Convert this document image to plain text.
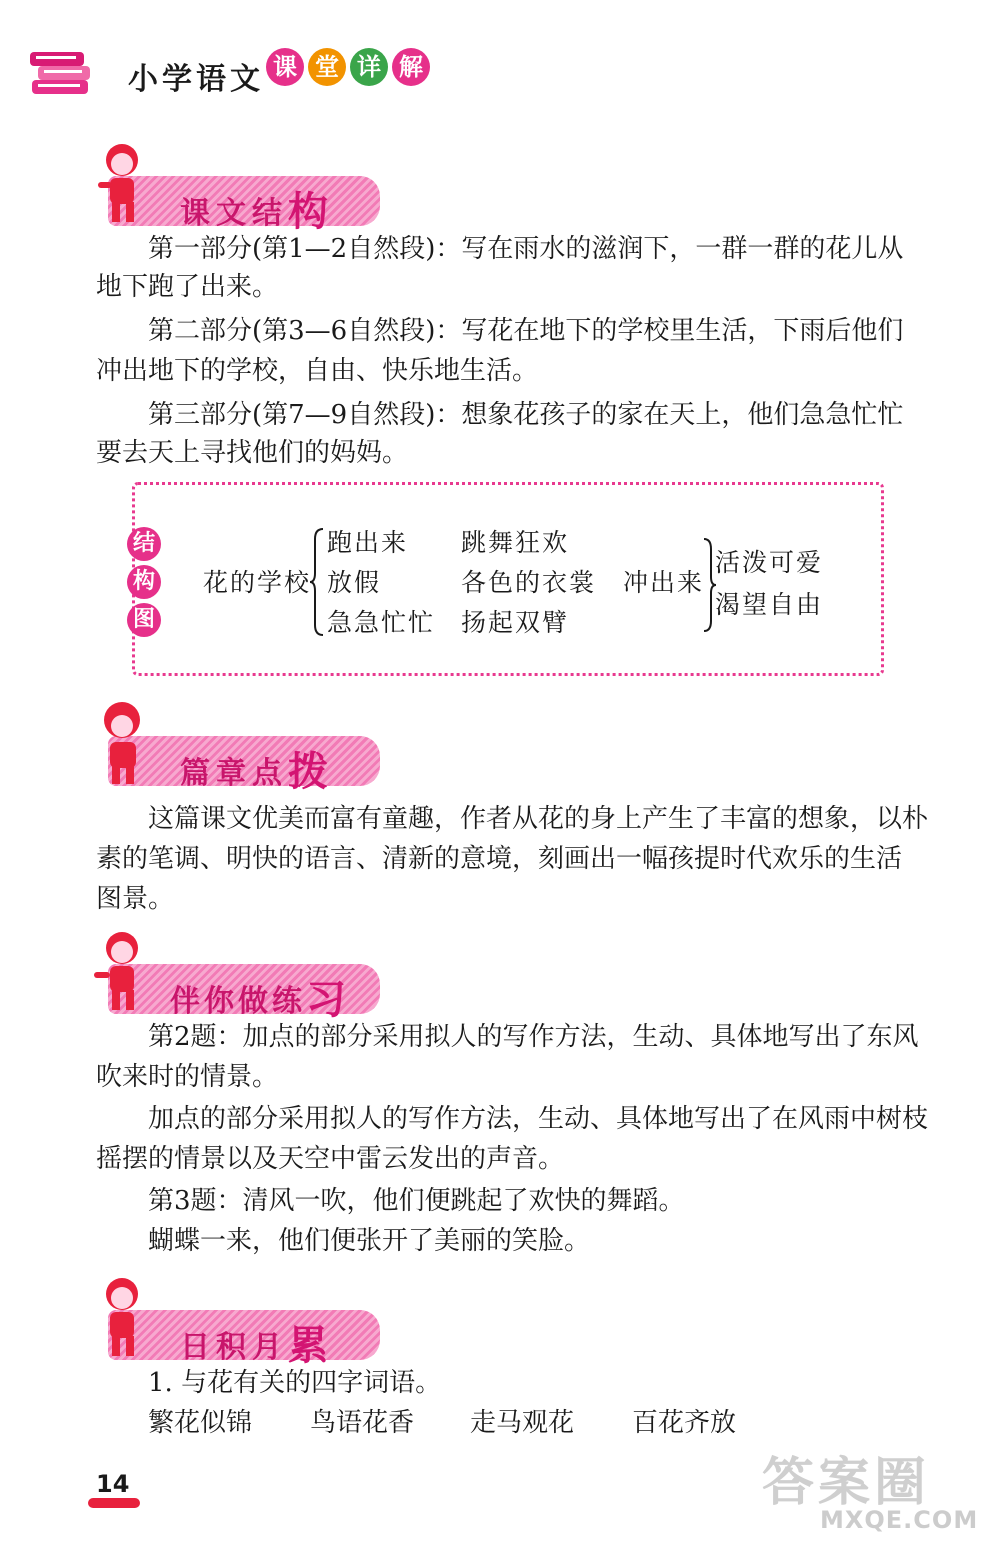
小学语文 课 堂 详 解
课文结构

第一部分(第1—2自然段)：写在雨水的滋润下，一群一群的花儿从

地下跑了出来。

第二部分(第3—6自然段)：写花在地下的学校里生活，下雨后他们

冲出地下的学校，自由、快乐地生活。

第三部分(第7—9自然段)：想象花孩子的家在天上，他们急急忙忙

要去天上寻找他们的妈妈。

结
构
图
花的学校
跑出来
放假
急急忙忙
跳舞狂欢
各色的衣裳
扬起双臂
冲出来
活泼可爱
渴望自由
篇章点拨

这篇课文优美而富有童趣，作者从花的身上产生了丰富的想象，以朴

素的笔调、明快的语言、清新的意境，刻画出一幅孩提时代欢乐的生活

图景。

伴你做练习

第2题：加点的部分采用拟人的写作方法，生动、具体地写出了东风

吹来时的情景。

加点的部分采用拟人的写作方法，生动、具体地写出了在风雨中树枝

摇摆的情景以及天空中雷云发出的声音。

第3题：清风一吹，他们便跳起了欢快的舞蹈。

蝴蝶一来，他们便张开了美丽的笑脸。

日积月累

1. 与花有关的四字词语。

繁花似锦 鸟语花香 走马观花 百花齐放
14	答案圈
MXQE.COM
